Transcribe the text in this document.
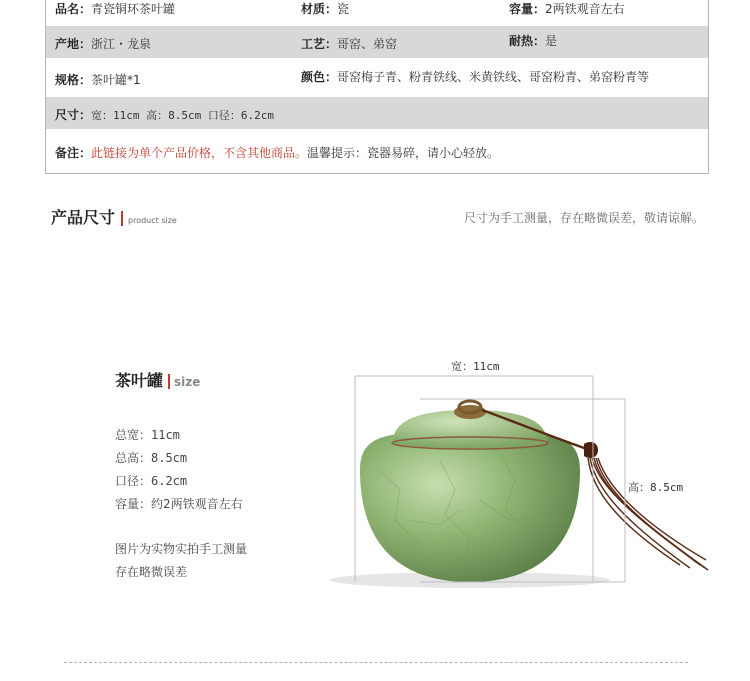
品名：青瓷铜环茶叶罐	材质：瓷	容量：2两铁观音左右
产地：浙江・龙泉	工艺：哥窑、弟窑	耐热：是
规格：茶叶罐*1	颜色：哥窑梅子青、粉青铁线、米黄铁线、哥窑粉青、弟窑粉青等
尺寸：宽：11cm 高：8.5cm 口径：6.2cm
备注：此链接为单个产品价格，不含其他商品。温馨提示：瓷器易碎，请小心轻放。
产品尺寸 product size	尺寸为手工测量，存在略微误差，敬请谅解。
茶叶罐 size
总宽：11cm
总高：8.5cm
口径：6.2cm
容量：约2两铁观音左右
图片为实物实拍手工测量
存在略微误差
宽：11cm
高：8.5cm
